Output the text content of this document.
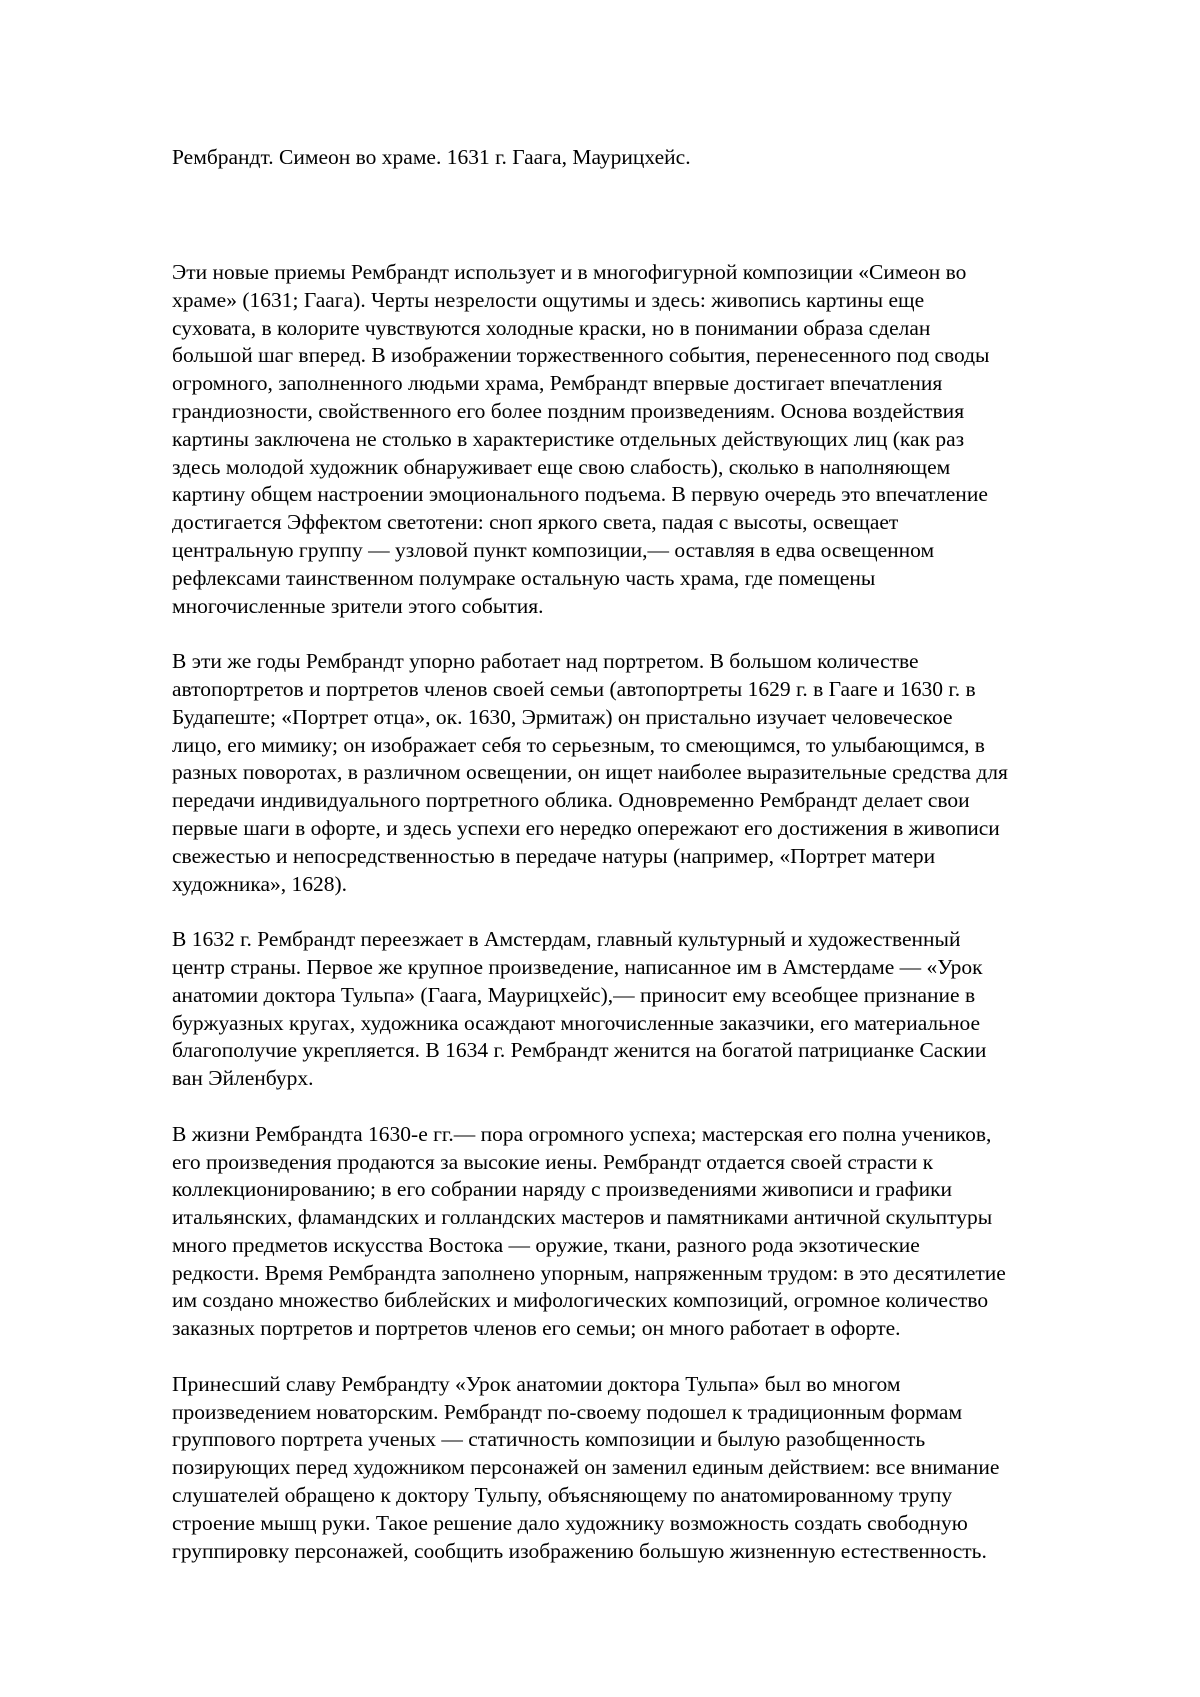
Рембрандт. Симеон во храме. 1631 г. Гаага, Маурицхейс.

Эти новые приемы Рембрандт использует и в многофигурной композиции «Симеон во
храме» (1631; Гаага). Черты незрелости ощутимы и здесь: живопись картины еще
суховата, в колорите чувствуются холодные краски, но в понимании образа сделан
большой шаг вперед. В изображении торжественного события, перенесенного под своды
огромного, заполненного людьми храма, Рембрандт впервые достигает впечатления
грандиозности, свойственного его более поздним произведениям. Основа воздействия
картины заключена не столько в характеристике отдельных действующих лиц (как раз
здесь молодой художник обнаруживает еще свою слабость), сколько в наполняющем
картину общем настроении эмоционального подъема. В первую очередь это впечатление
достигается Эффектом светотени: сноп яркого света, падая с высоты, освещает
центральную группу — узловой пункт композиции,— оставляя в едва освещенном
рефлексами таинственном полумраке остальную часть храма, где помещены
многочисленные зрители этого события.

В эти же годы Рембрандт упорно работает над портретом. В большом количестве
автопортретов и портретов членов своей семьи (автопортреты 1629 г. в Гааге и 1630 г. в
Будапеште; «Портрет отца», ок. 1630, Эрмитаж) он пристально изучает человеческое
лицо, его мимику; он изображает себя то серьезным, то смеющимся, то улыбающимся, в
разных поворотах, в различном освещении, он ищет наиболее выразительные средства для
передачи индивидуального портретного облика. Одновременно Рембрандт делает свои
первые шаги в офорте, и здесь успехи его нередко опережают его достижения в живописи
свежестью и непосредственностью в передаче натуры (например, «Портрет матери
художника», 1628).

В 1632 г. Рембрандт переезжает в Амстердам, главный культурный и художественный
центр страны. Первое же крупное произведение, написанное им в Амстердаме — «Урок
анатомии доктора Тульпа» (Гаага, Маурицхейс),— приносит ему всеобщее признание в
буржуазных кругах, художника осаждают многочисленные заказчики, его материальное
благополучие укрепляется. В 1634 г. Рембрандт женится на богатой патрицианке Саскии
ван Эйленбурх.

В жизни Рембрандта 1630-е гг.— пора огромного успеха; мастерская его полна учеников,
его произведения продаются за высокие иены. Рембрандт отдается своей страсти к
коллекционированию; в его собрании наряду с произведениями живописи и графики
итальянских, фламандских и голландских мастеров и памятниками античной скульптуры
много предметов искусства Востока — оружие, ткани, разного рода экзотические
редкости. Время Рембрандта заполнено упорным, напряженным трудом: в это десятилетие
им создано множество библейских и мифологических композиций, огромное количество
заказных портретов и портретов членов его семьи; он много работает в офорте.

Принесший славу Рембрандту «Урок анатомии доктора Тульпа» был во многом
произведением новаторским. Рембрандт по-своему подошел к традиционным формам
группового портрета ученых — статичность композиции и былую разобщенность
позирующих перед художником персонажей он заменил единым действием: все внимание
слушателей обращено к доктору Тульпу, объясняющему по анатомированному трупу
строение мышц руки. Такое решение дало художнику возможность создать свободную
группировку персонажей, сообщить изображению большую жизненную естественность.
